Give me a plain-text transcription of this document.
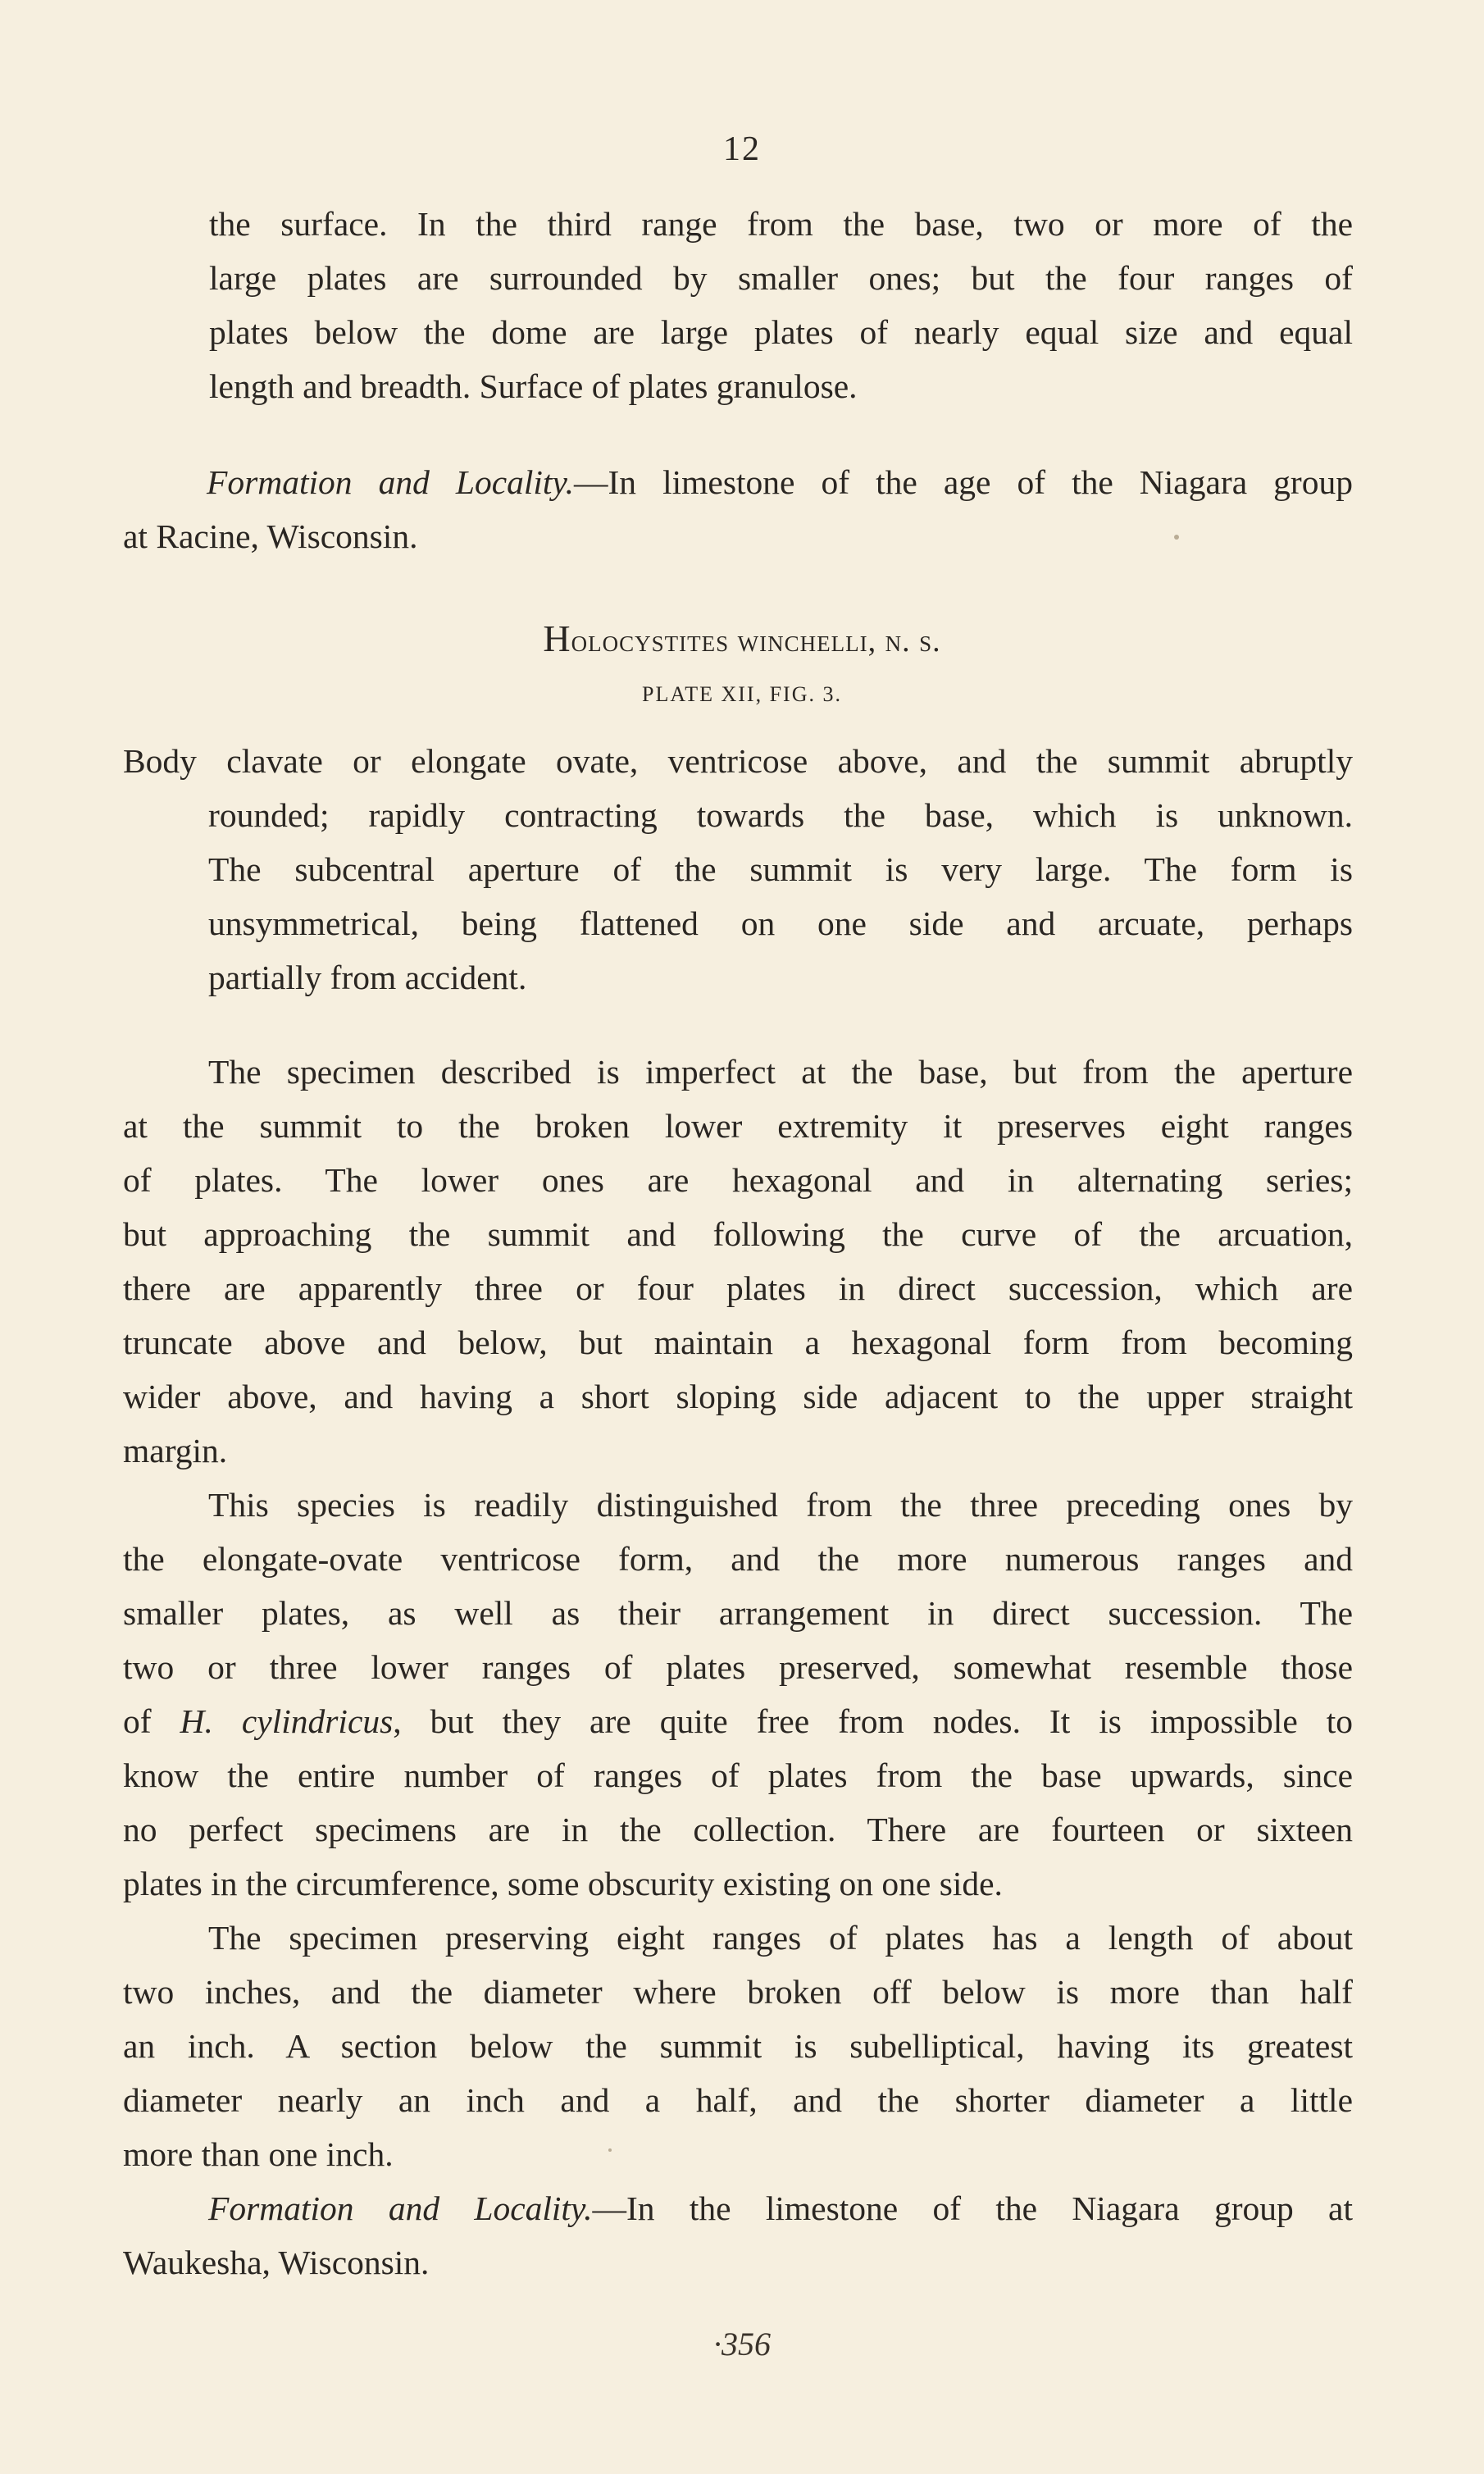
12
the surface. In the third range from the base, two or more of the
large plates are surrounded by smaller ones; but the four ranges of
plates below the dome are large plates of nearly equal size and equal
length and breadth. Surface of plates granulose.
Formation and Locality.—In limestone of the age of the Niagara group
at Racine, Wisconsin.
Holocystites winchelli, n. s.
PLATE XII, FIG. 3.
Body clavate or elongate ovate, ventricose above, and the summit abruptly
rounded; rapidly contracting towards the base, which is unknown.
The subcentral aperture of the summit is very large. The form is
unsymmetrical, being flattened on one side and arcuate, perhaps
partially from accident.
The specimen described is imperfect at the base, but from the aperture
at the summit to the broken lower extremity it preserves eight ranges
of plates. The lower ones are hexagonal and in alternating series;
but approaching the summit and following the curve of the arcuation,
there are apparently three or four plates in direct succession, which are
truncate above and below, but maintain a hexagonal form from becoming
wider above, and having a short sloping side adjacent to the upper straight
margin.
This species is readily distinguished from the three preceding ones by
the elongate-ovate ventricose form, and the more numerous ranges and
smaller plates, as well as their arrangement in direct succession. The
two or three lower ranges of plates preserved, somewhat resemble those
of H. cylindricus, but they are quite free from nodes. It is impossible to
know the entire number of ranges of plates from the base upwards, since
no perfect specimens are in the collection. There are fourteen or sixteen
plates in the circumference, some obscurity existing on one side.
The specimen preserving eight ranges of plates has a length of about
two inches, and the diameter where broken off below is more than half
an inch. A section below the summit is subelliptical, having its greatest
diameter nearly an inch and a half, and the shorter diameter a little
more than one inch.
Formation and Locality.—In the limestone of the Niagara group at
Waukesha, Wisconsin.
·356
